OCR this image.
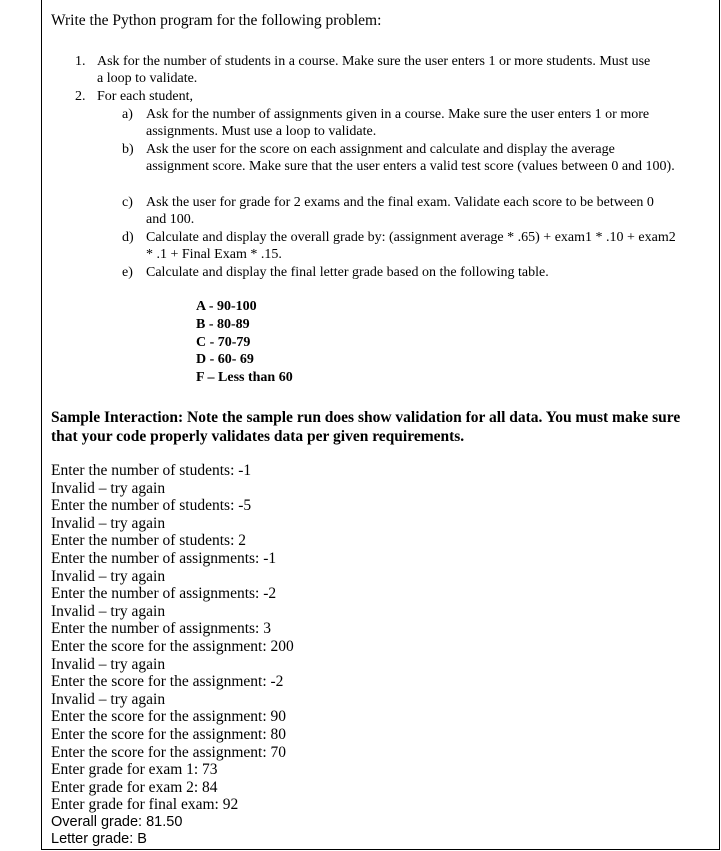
Write the Python program for the following problem:
1. Ask for the number of students in a course. Make sure the user enters 1 or more students. Must use a loop to validate.
2. For each student,
a) Ask for the number of assignments given in a course. Make sure the user enters 1 or more assignments. Must use a loop to validate.
b) Ask the user for the score on each assignment and calculate and display the average assignment score. Make sure that the user enters a valid test score (values between 0 and 100).
c) Ask the user for grade for 2 exams and the final exam. Validate each score to be between 0 and 100.
d) Calculate and display the overall grade by: (assignment average * .65) + exam1 * .10 + exam2 * .1 + Final Exam * .15.
e) Calculate and display the final letter grade based on the following table.
A - 90-100
B - 80-89
C - 70-79
D - 60- 69
F – Less than 60
Sample Interaction: Note the sample run does show validation for all data. You must make sure that your code properly validates data per given requirements.
Enter the number of students: -1
Invalid – try again
Enter the number of students: -5
Invalid – try again
Enter the number of students: 2
Enter the number of assignments: -1
Invalid – try again
Enter the number of assignments: -2
Invalid – try again
Enter the number of assignments: 3
Enter the score for the assignment: 200
Invalid – try again
Enter the score for the assignment: -2
Invalid – try again
Enter the score for the assignment: 90
Enter the score for the assignment: 80
Enter the score for the assignment: 70
Enter grade for exam 1: 73
Enter grade for exam 2: 84
Enter grade for final exam: 92
Overall grade: 81.50
Letter grade: B
